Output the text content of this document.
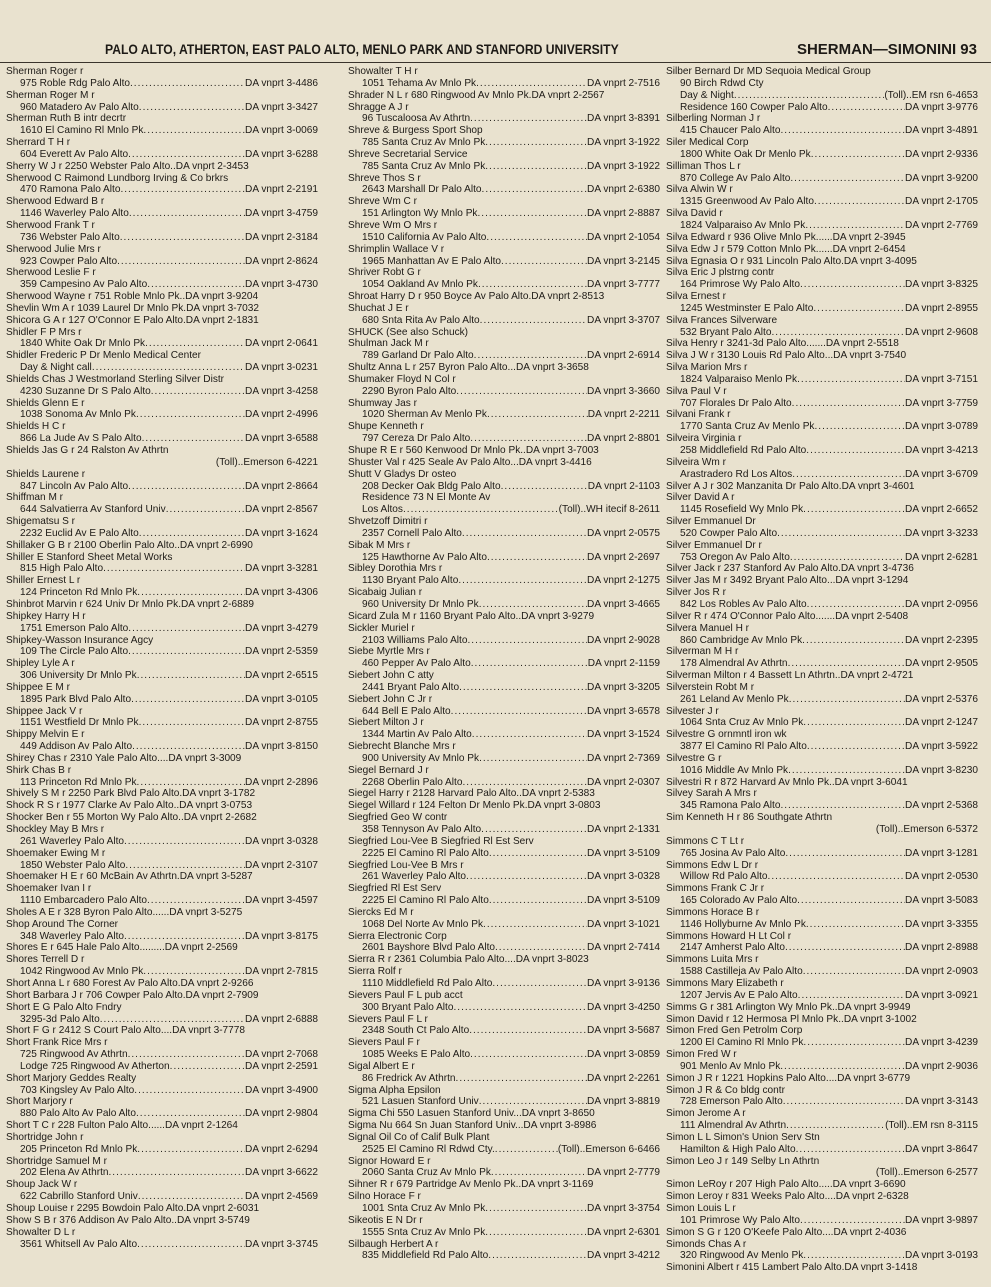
PALO ALTO, ATHERTON, EAST PALO ALTO, MENLO PARK AND STANFORD UNIVERSITY	SHERMAN—SIMONINI 93
Sherman Roger r
975 Roble Rdg Palo Alto .....	DA vnprt 3-4486
Sherman Roger M r
960 Matadero Av Palo Alto .....	DA vnprt 3-3427
Sherman Ruth B intr decrtr
1610 El Camino Rl Mnlo Pk .....	DA vnprt 3-0069
Sherrard T H r
604 Everett Av Palo Alto .....	DA vnprt 3-6288
Sherry W J r 2250 Webster Palo Alto..DA vnprt 2-3453
Sherwood C Raimond Lundborg Irving & Co brkrs
470 Ramona Palo Alto .....	DA vnprt 2-2191
Sherwood Edward B r
1146 Waverley Palo Alto .....	DA vnprt 3-4759
Sherwood Frank T r
736 Webster Palo Alto .....	DA vnprt 2-3184
Sherwood Julie Mrs r
923 Cowper Palo Alto .....	DA vnprt 2-8624
Sherwood Leslie F r
359 Campesino Av Palo Alto .....	DA vnprt 3-4730
Sherwood Wayne r 751 Roble Mnlo Pk..DA vnprt 3-9204
Shevlin Wm A r 1039 Laurel Dr Mnlo Pk.DA vnprt 3-7032
Shicora G A r 127 O'Connor E Palo Alto.DA vnprt 2-1831
Shidler F P Mrs r
1840 White Oak Dr Mnlo Pk .....	DA vnprt 2-0641
Shidler Frederic P Dr Menlo Medical Center
Day & Night call .....	DA vnprt 3-0231
Shields Chas J Westmorland Sterling Silver Distr
4230 Suzanne Dr S Palo Alto .....	DA vnprt 3-4258
Shields Glenn E r
1038 Sonoma Av Mnlo Pk .....	DA vnprt 2-4996
Shields H C r
866 La Jude Av S Palo Alto .....	DA vnprt 3-6588
Shields Jas G r 24 Ralston Av Athrtn
(Toll)..Emerson 6-4221
Shields Laurene r
847 Lincoln Av Palo Alto .....	DA vnprt 2-8664
Shiffman M r
644 Salvatierra Av Stanford Univ .....	DA vnprt 2-8567
Shigematsu S r
2232 Euclid Av E Palo Alto .....	DA vnprt 3-1624
Shillaker G B r 2100 Oberlin Palo Alto..DA vnprt 2-6990
Shiller E Stanford Sheet Metal Works
815 High Palo Alto .....	DA vnprt 3-3281
Shiller Ernest L r
124 Princeton Rd Mnlo Pk .....	DA vnprt 3-4306
Shinbrot Marvin r 624 Univ Dr Mnlo Pk.DA vnprt 2-6889
Shipkey Harry H r
1751 Emerson Palo Alto .....	DA vnprt 3-4279
Shipkey-Wasson Insurance Agcy
109 The Circle Palo Alto .....	DA vnprt 2-5359
Shipley Lyle A r
306 University Dr Mnlo Pk .....	DA vnprt 2-6515
Shippee E M r
1895 Park Blvd Palo Alto .....	DA vnprt 3-0105
Shippee Jack V r
1151 Westfield Dr Mnlo Pk .....	DA vnprt 2-8755
Shippy Melvin E r
449 Addison Av Palo Alto .....	DA vnprt 3-8150
Shirey Chas r 2310 Yale Palo Alto....DA vnprt 3-3009
Shirk Chas B r
113 Princeton Rd Mnlo Pk .....	DA vnprt 2-2896
Shively S M r 2250 Park Blvd Palo Alto.DA vnprt 3-1782
Shock R S r 1977 Clarke Av Palo Alto..DA vnprt 3-0753
Shocker Ben r 55 Morton Wy Palo Alto..DA vnprt 2-2682
Shockley May B Mrs r
261 Waverley Palo Alto .....	DA vnprt 3-0328
Shoemaker Ewing M r
1850 Webster Palo Alto .....	DA vnprt 2-3107
Shoemaker H E r 60 McBain Av Athrtn.DA vnprt 3-5287
Shoemaker Ivan I r
1110 Embarcadero Palo Alto .....	DA vnprt 3-4597
Sholes A E r 328 Byron Palo Alto......DA vnprt 3-5275
Shop Around The Corner
348 Waverley Palo Alto .....	DA vnprt 3-8175
Shores E r 645 Hale Palo Alto.........DA vnprt 2-2569
Shores Terrell D r
1042 Ringwood Av Mnlo Pk .....	DA vnprt 2-7815
Short Anna L r 680 Forest Av Palo Alto.DA vnprt 2-9266
Short Barbara J r 706 Cowper Palo Alto.DA vnprt 2-7909
Short E G Palo Alto Fndry
3295-3d Palo Alto .....	DA vnprt 2-6888
Short F G r 2412 S Court Palo Alto....DA vnprt 3-7778
Short Frank Rice Mrs r
725 Ringwood Av Athrtn .....	DA vnprt 2-7068
Lodge 725 Ringwood Av Atherton .....	DA vnprt 2-2591
Short Marjory Geddes Realty
703 Kingsley Av Palo Alto .....	DA vnprt 3-4900
Short Marjory r
880 Palo Alto Av Palo Alto .....	DA vnprt 2-9804
Short T C r 228 Fulton Palo Alto......DA vnprt 2-1264
Shortridge John r
205 Princeton Rd Mnlo Pk .....	DA vnprt 2-6294
Shortridge Samuel M r
202 Elena Av Athrtn .....	DA vnprt 3-6622
Shoup Jack W r
622 Cabrillo Stanford Univ .....	DA vnprt 2-4569
Shoup Louise r 2295 Bowdoin Palo Alto.DA vnprt 2-6031
Show S B r 376 Addison Av Palo Alto..DA vnprt 3-5749
Showalter D L r
3561 Whitsell Av Palo Alto .....	DA vnprt 3-3745
Showalter T H r
1051 Tehama Av Mnlo Pk .....	DA vnprt 2-7516
Shrader N L r 680 Ringwood Av Mnlo Pk.DA vnprt 2-2567
Shragge A J r
96 Tuscaloosa Av Athrtn .....	DA vnprt 3-8391
Shreve & Burgess Sport Shop
785 Santa Cruz Av Mnlo Pk .....	DA vnprt 3-1922
Shreve Secretarial Service
785 Santa Cruz Av Mnlo Pk .....	DA vnprt 3-1922
Shreve Thos S r
2643 Marshall Dr Palo Alto .....	DA vnprt 2-6380
Shreve Wm C r
151 Arlington Wy Mnlo Pk .....	DA vnprt 2-8887
Shreve Wm O Mrs r
1510 California Av Palo Alto .....	DA vnprt 2-1054
Shrimplin Wallace V r
1965 Manhattan Av E Palo Alto .....	DA vnprt 3-2145
Shriver Robt G r
1054 Oakland Av Mnlo Pk .....	DA vnprt 3-7777
Shroat Harry D r 950 Boyce Av Palo Alto.DA vnprt 2-8513
Shuchat J E r
680 Snta Rita Av Palo Alto .....	DA vnprt 3-3707
SHUCK (See also Schuck)
Shulman Jack M r
789 Garland Dr Palo Alto .....	DA vnprt 2-6914
Shultz Anna L r 257 Byron Palo Alto...DA vnprt 3-3658
Shumaker Floyd N Col r
2290 Byron Palo Alto .....	DA vnprt 3-3660
Shumway Jas r
1020 Sherman Av Menlo Pk .....	DA vnprt 2-2211
Shupe Kenneth r
797 Cereza Dr Palo Alto .....	DA vnprt 2-8801
Shupe R E r 560 Kenwood Dr Mnlo Pk..DA vnprt 3-7003
Shuster Val r 425 Seale Av Palo Alto...DA vnprt 3-4416
Shutt V Gladys Dr osteo
208 Decker Oak Bldg Palo Alto .....	DA vnprt 2-1103
Residence 73 N El Monte Av
Los Altos .....	(Toll)..WH itecif 8-2611
Shvetzoff Dimitri r
2357 Cornell Palo Alto .....	DA vnprt 2-0575
Sibak M Mrs r
125 Hawthorne Av Palo Alto .....	DA vnprt 2-2697
Sibley Dorothia Mrs r
1130 Bryant Palo Alto .....	DA vnprt 2-1275
Sicabaig Julian r
960 University Dr Mnlo Pk .....	DA vnprt 3-4665
Sicard Zula M r 1160 Bryant Palo Alto..DA vnprt 3-9279
Sickler Muriel r
2103 Williams Palo Alto .....	DA vnprt 2-9028
Siebe Myrtle Mrs r
460 Pepper Av Palo Alto .....	DA vnprt 2-1159
Siebert John C atty
2441 Bryant Palo Alto .....	DA vnprt 3-3205
Siebert John C Jr r
644 Bell E Palo Alto .....	DA vnprt 3-6578
Siebert Milton J r
1344 Martin Av Palo Alto .....	DA vnprt 3-1524
Siebrecht Blanche Mrs r
900 University Av Mnlo Pk .....	DA vnprt 2-7369
Siegel Bernard J r
2268 Oberlin Palo Alto .....	DA vnprt 2-0307
Siegel Harry r 2128 Harvard Palo Alto..DA vnprt 2-5383
Siegel Willard r 124 Felton Dr Menlo Pk.DA vnprt 3-0803
Siegfried Geo W contr
358 Tennyson Av Palo Alto .....	DA vnprt 2-1331
Siegfried Lou-Vee B Siegfried Rl Est Serv
2225 El Camino Rl Palo Alto .....	DA vnprt 3-5109
Siegfried Lou-Vee B Mrs r
261 Waverley Palo Alto .....	DA vnprt 3-0328
Siegfried Rl Est Serv
2225 El Camino Rl Palo Alto .....	DA vnprt 3-5109
Siercks Ed M r
1068 Del Norte Av Mnlo Pk .....	DA vnprt 3-1021
Sierra Electronic Corp
2601 Bayshore Blvd Palo Alto .....	DA vnprt 2-7414
Sierra R r 2361 Columbia Palo Alto....DA vnprt 3-8023
Sierra Rolf r
1110 Middlefield Rd Palo Alto .....	DA vnprt 3-9136
Sievers Paul F L pub acct
300 Bryant Palo Alto .....	DA vnprt 3-4250
Sievers Paul F L r
2348 South Ct Palo Alto .....	DA vnprt 3-5687
Sievers Paul F r
1085 Weeks E Palo Alto .....	DA vnprt 3-0859
Sigal Albert E r
86 Fredrick Av Athrtn .....	DA vnprt 2-2261
Sigma Alpha Epsilon
521 Lasuen Stanford Univ .....	DA vnprt 3-8819
Sigma Chi 550 Lasuen Stanford Univ...DA vnprt 3-8650
Sigma Nu 664 Sn Juan Stanford Univ...DA vnprt 3-8986
Signal Oil Co of Calif Bulk Plant
2525 El Camino Rl Rdwd Cty. .....	(Toll)..Emerson 6-6466
Signor Howard E r
2060 Santa Cruz Av Mnlo Pk .....	DA vnprt 2-7779
Sihner R r 679 Partridge Av Menlo Pk..DA vnprt 3-1169
Silno Horace F r
1001 Snta Cruz Av Mnlo Pk .....	DA vnprt 3-3754
Sikeotis E N Dr r
1555 Snta Cruz Av Mnlo Pk .....	DA vnprt 2-6301
Silbaugh Herbert A r
835 Middlefield Rd Palo Alto .....	DA vnprt 3-4212
Silber Bernard Dr MD Sequoia Medical Group
90 Birch Rdwd Cty
Day & Night .....	(Toll)..EM rsn 6-4653
Residence 160 Cowper Palo Alto .....	DA vnprt 3-9776
Silberling Norman J r
415 Chaucer Palo Alto .....	DA vnprt 3-4891
Siler Medical Corp
1800 White Oak Dr Menlo Pk .....	DA vnprt 2-9336
Silliman Thos L r
870 College Av Palo Alto .....	DA vnprt 3-9200
Silva Alwin W r
1315 Greenwood Av Palo Alto .....	DA vnprt 2-1705
Silva David r
1824 Valparaiso Av Mnlo Pk .....	DA vnprt 2-7769
Silva Edward r 936 Olive Mnlo Pk......DA vnprt 2-3945
Silva Edw J r 579 Cotton Mnlo Pk......DA vnprt 2-6454
Silva Egnasia O r 931 Lincoln Palo Alto.DA vnprt 3-4095
Silva Eric J plstrng contr
164 Primrose Wy Palo Alto .....	DA vnprt 3-8325
Silva Ernest r
1245 Westminster E Palo Alto .....	DA vnprt 2-8955
Silva Frances Silverware
532 Bryant Palo Alto .....	DA vnprt 2-9608
Silva Henry r 3241-3d Palo Alto.......DA vnprt 2-5518
Silva J W r 3130 Louis Rd Palo Alto...DA vnprt 3-7540
Silva Marion Mrs r
1824 Valparaiso Menlo Pk .....	DA vnprt 3-7151
Silva Paul V r
707 Florales Dr Palo Alto .....	DA vnprt 3-7759
Silvani Frank r
1770 Santa Cruz Av Menlo Pk .....	DA vnprt 3-0789
Silveira Virginia r
258 Middlefield Rd Palo Alto .....	DA vnprt 3-4213
Silveira Wm r
Arastradero Rd Los Altos .....	DA vnprt 3-6709
Silver A J r 302 Manzanita Dr Palo Alto.DA vnprt 3-4601
Silver David A r
1145 Rosefield Wy Mnlo Pk .....	DA vnprt 2-6652
Silver Emmanuel Dr
520 Cowper Palo Alto .....	DA vnprt 3-3233
Silver Emmanuel Dr r
753 Oregon Av Palo Alto .....	DA vnprt 2-6281
Silver Jack r 237 Stanford Av Palo Alto.DA vnprt 3-4736
Silver Jas M r 3492 Bryant Palo Alto...DA vnprt 3-1294
Silver Jos R r
842 Los Robles Av Palo Alto .....	DA vnprt 2-0956
Silver R r 474 O'Connor Palo Alto.......DA vnprt 2-5408
Silvera Manuel H r
860 Cambridge Av Mnlo Pk .....	DA vnprt 2-2395
Silverman M H r
178 Almendral Av Athrtn .....	DA vnprt 2-9505
Silverman Milton r 4 Bassett Ln Athrtn..DA vnprt 2-4721
Silverstein Robt M r
261 Leland Av Menlo Pk .....	DA vnprt 2-5376
Silvester J r
1064 Snta Cruz Av Mnlo Pk .....	DA vnprt 2-1247
Silvestre G ornmntl iron wk
3877 El Camino Rl Palo Alto .....	DA vnprt 3-5922
Silvestre G r
1016 Middle Av Mnlo Pk .....	DA vnprt 3-8230
Silvestri R r 872 Harvard Av Mnlo Pk..DA vnprt 3-6041
Silvey Sarah A Mrs r
345 Ramona Palo Alto .....	DA vnprt 2-5368
Sim Kenneth H r 86 Southgate Athrtn
(Toll)..Emerson 6-5372
Simmons C T Lt r
765 Josina Av Palo Alto .....	DA vnprt 3-1281
Simmons Edw L Dr r
Willow Rd Palo Alto .....	DA vnprt 2-0530
Simmons Frank C Jr r
165 Colorado Av Palo Alto .....	DA vnprt 3-5083
Simmons Horace B r
1146 Hollyburne Av Mnlo Pk .....	DA vnprt 3-3355
Simmons Howard H Lt Col r
2147 Amherst Palo Alto .....	DA vnprt 2-8988
Simmons Luita Mrs r
1588 Castilleja Av Palo Alto .....	DA vnprt 2-0903
Simmons Mary Elizabeth r
1207 Jervis Av E Palo Alto .....	DA vnprt 3-0921
Simms G r 381 Arlington Wy Mnlo Pk..DA vnprt 3-9949
Simon David r 12 Hermosa Pl Mnlo Pk..DA vnprt 3-1002
Simon Fred Gen Petrolm Corp
1200 El Camino Rl Mnlo Pk .....	DA vnprt 3-4239
Simon Fred W r
901 Menlo Av Mnlo Pk .....	DA vnprt 2-9036
Simon J R r 1221 Hopkins Palo Alto....DA vnprt 3-6779
Simon J R & Co bldg contr
728 Emerson Palo Alto .....	DA vnprt 3-3143
Simon Jerome A r
111 Almendral Av Athrtn .....	(Toll)..EM rsn 8-3115
Simon L L Simon's Union Serv Stn
Hamilton & High Palo Alto .....	DA vnprt 3-8647
Simon Leo J r 149 Selby Ln Athrtn
(Toll)..Emerson 6-2577
Simon LeRoy r 207 High Palo Alto.....DA vnprt 3-6690
Simon Leroy r 831 Weeks Palo Alto....DA vnprt 2-6328
Simon Louis L r
101 Primrose Wy Palo Alto .....	DA vnprt 3-9897
Simon S G r 120 O'Keefe Palo Alto....DA vnprt 2-4036
Simonds Chas A r
320 Ringwood Av Menlo Pk .....	DA vnprt 3-0193
Simonini Albert r 415 Lambert Palo Alto.DA vnprt 3-1418
